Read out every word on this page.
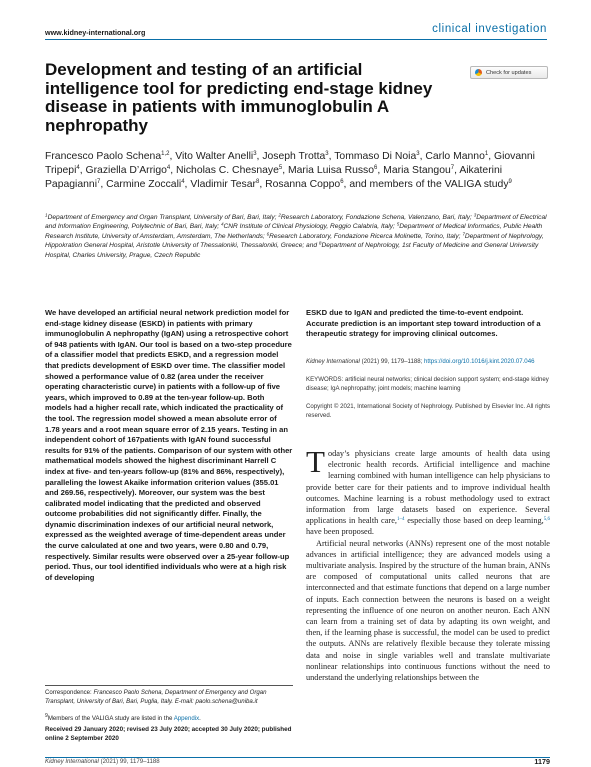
www.kidney-international.org	clinical investigation
Development and testing of an artificial intelligence tool for predicting end-stage kidney disease in patients with immunoglobulin A nephropathy
Check for updates
Francesco Paolo Schena$^{1,2}$, Vito Walter Anelli$^3$, Joseph Trotta$^3$, Tommaso Di Noia$^3$, Carlo Manno$^1$, Giovanni Tripepi$^4$, Graziella D’Arrigo$^4$, Nicholas C. Chesnaye$^5$, Maria Luisa Russo$^6$, Maria Stangou$^7$, Aikaterini Papagianni$^7$, Carmine Zoccali$^4$, Vladimir Tesar$^8$, Rosanna Coppo$^6$, and members of the VALIGA study$^9$
$^1$Department of Emergency and Organ Transplant, University of Bari, Bari, Italy; $^2$Research Laboratory, Fondazione Schena, Valenzano, Bari, Italy; $^3$Department of Electrical and Information Engineering, Polytechnic of Bari, Bari, Italy; $^4$CNR Institute of Clinical Physiology, Reggio Calabria, Italy; $^5$Department of Medical Informatics, Public Health Research Institute, University of Amsterdam, Amsterdam, The Netherlands; $^6$Research Laboratory, Fondazione Ricerca Molinette, Torino, Italy; $^7$Department of Nephrology, Hippokration General Hospital, Aristotle University of Thessaloniki, Thessaloniki, Greece; and $^8$Department of Nephrology, 1st Faculty of Medicine and General University Hospital, Charles University, Prague, Czech Republic
We have developed an artificial neural network prediction model for end-stage kidney disease (ESKD) in patients with primary immunoglobulin A nephropathy (IgAN) using a retrospective cohort of 948 patients with IgAN. Our tool is based on a two-step procedure of a classifier model that predicts ESKD, and a regression model that predicts development of ESKD over time. The classifier model showed a performance value of 0.82 (area under the receiver operating characteristic curve) in patients with a follow-up of five years, which improved to 0.89 at the ten-year follow-up. Both models had a higher recall rate, which indicated the practicality of the tool. The regression model showed a mean absolute error of 1.78 years and a root mean square error of 2.15 years. Testing in an independent cohort of 167patients with IgAN found successful results for 91% of the patients. Comparison of our system with other mathematical models showed the highest discriminant Harrell C index at five- and ten-years follow-up (81% and 86%, respectively), paralleling the lowest Akaike information criterion values (355.01 and 269.56, respectively). Moreover, our system was the best calibrated model indicating that the predicted and observed outcome probabilities did not significantly differ. Finally, the dynamic discrimination indexes of our artificial neural network, expressed as the weighted average of time-dependent areas under the curve calculated at one and two years, were 0.80 and 0.79, respectively. Similar results were observed over a 25-year follow-up period. Thus, our tool identified individuals who were at a high risk of developing
ESKD due to IgAN and predicted the time-to-event endpoint. Accurate prediction is an important step toward introduction of a therapeutic strategy for improving clinical outcomes.
Kidney International (2021) 99, 1179–1188; https://doi.org/10.1016/j.kint.2020.07.046
KEYWORDS: artificial neural networks; clinical decision support system; end-stage kidney disease; IgA nephropathy; joint models; machine learning
Copyright © 2021, International Society of Nephrology. Published by Elsevier Inc. All rights reserved.
Correspondence: Francesco Paolo Schena, Department of Emergency and Organ Transplant, University of Bari, Bari, Puglia, Italy. E-mail: paolo.schena@uniba.it
$^9$Members of the VALIGA study are listed in the Appendix.
Received 29 January 2020; revised 23 July 2020; accepted 30 July 2020; published online 2 September 2020

Today’s physicians create large amounts of health data using electronic health records. Artificial intelligence and machine learning combined with human intelligence can help physicians to provide better care for their patients and to improve individual health outcomes. Machine learning is a robust methodology used to extract information from large datasets based on experience. Several applications in health care,$^{1-4}$ especially those based on deep learning,$^{5,6}$ have been proposed.

Artificial neural networks (ANNs) represent one of the most notable advances in artificial intelligence; they are advanced models using a multivariate analysis. Inspired by the structure of the human brain, ANNs are composed of computational units called neurons that are interconnected and that estimate functions that depend on a large number of inputs. Each connection between the neurons is based on a weight representing the influence of one neuron on another neuron. Each ANN can learn from a training set of data by adapting its own weight, and then, if the learning phase is successful, the model can be used to predict the outputs. ANNs are relatively flexible because they tolerate missing data and noise in single variables well and translate multivariate nonlinear relationships into continuous functions without the need to understand the underlying relationships between the

Kidney International (2021) 99, 1179–1188	1179
